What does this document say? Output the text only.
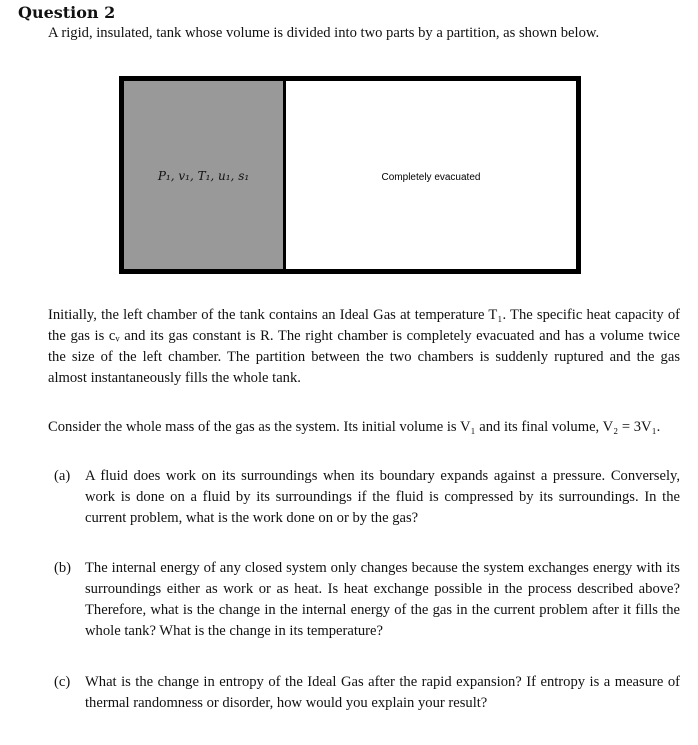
Question 2
A rigid, insulated, tank whose volume is divided into two parts by a partition, as shown below.
P₁, v₁, T₁, u₁, s₁	Completely evacuated
Initially, the left chamber of the tank contains an Ideal Gas at temperature T₁. The specific heat capacity of the gas is cᵥ and its gas constant is R. The right chamber is completely evacuated and has a volume twice the size of the left chamber. The partition between the two chambers is suddenly ruptured and the gas almost instantaneously fills the whole tank.
Consider the whole mass of the gas as the system. Its initial volume is V₁ and its final volume, V₂ = 3V₁.
(a) A fluid does work on its surroundings when its boundary expands against a pressure. Conversely, work is done on a fluid by its surroundings if the fluid is compressed by its surroundings. In the current problem, what is the work done on or by the gas?
(b) The internal energy of any closed system only changes because the system exchanges energy with its surroundings either as work or as heat. Is heat exchange possible in the process described above? Therefore, what is the change in the internal energy of the gas in the current problem after it fills the whole tank? What is the change in its temperature?
(c) What is the change in entropy of the Ideal Gas after the rapid expansion? If entropy is a measure of thermal randomness or disorder, how would you explain your result?
